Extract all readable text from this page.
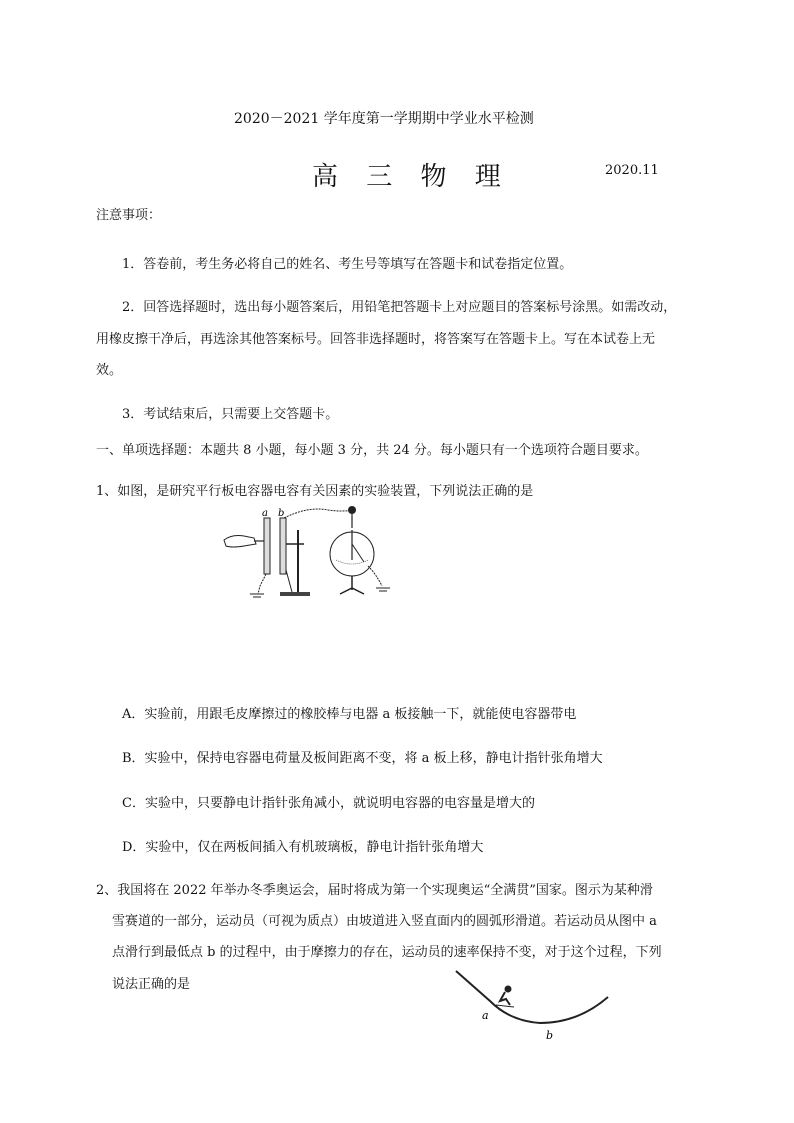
2020－2021 学年度第一学期期中学业水平检测
高 三 物 理	2020.11
注意事项：
1．答卷前，考生务必将自己的姓名、考生号等填写在答题卡和试卷指定位置。
2．回答选择题时，选出每小题答案后，用铅笔把答题卡上对应题目的答案标号涂黑。如需改动，
用橡皮擦干净后，再选涂其他答案标号。回答非选择题时，将答案写在答题卡上。写在本试卷上无
效。
3．考试结束后，只需要上交答题卡。
一、单项选择题：本题共 8 小题，每小题 3 分，共 24 分。每小题只有一个选项符合题目要求。
1、如图，是研究平行板电容器电容有关因素的实验装置，下列说法正确的是
a b
A．实验前，用跟毛皮摩擦过的橡胶棒与电器 a 板接触一下，就能使电容器带电
B．实验中，保持电容器电荷量及板间距离不变，将 a 板上移，静电计指针张角增大
C．实验中，只要静电计指针张角减小，就说明电容器的电容量是增大的
D．实验中，仅在两板间插入有机玻璃板，静电计指针张角增大
2、我国将在 2022 年举办冬季奥运会，届时将成为第一个实现奥运“全满贯”国家。图示为某种滑
雪赛道的一部分，运动员（可视为质点）由坡道进入竖直面内的圆弧形滑道。若运动员从图中 a
点滑行到最低点 b 的过程中，由于摩擦力的存在，运动员的速率保持不变，对于这个过程，下列
说法正确的是
a
b
